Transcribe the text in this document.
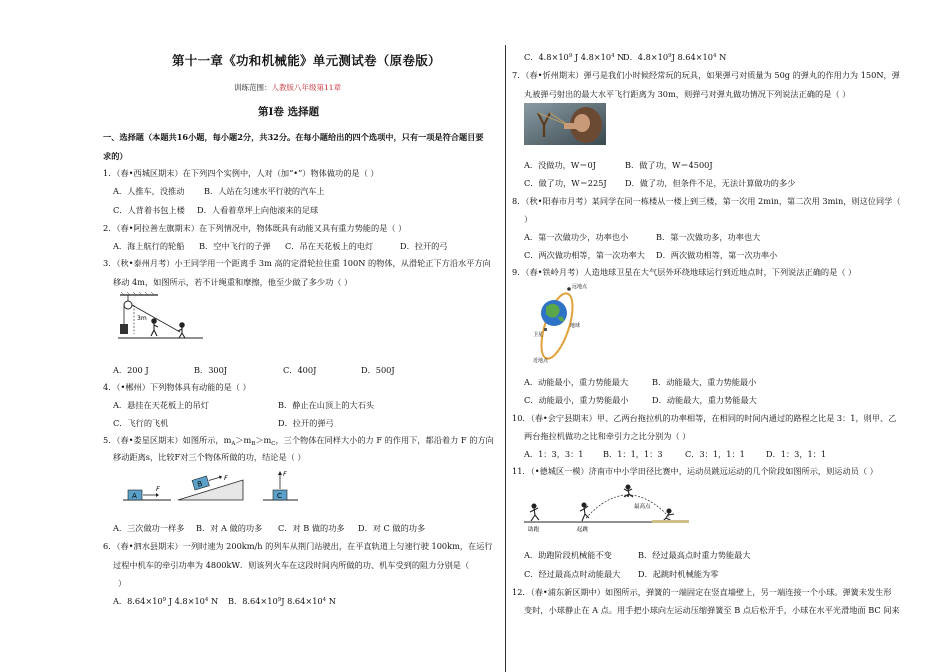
第十一章《功和机械能》单元测试卷（原卷版）
训练范围：人教版八年级第11章
第Ⅰ卷 选择题
一、选择题（本题共16小题，每小题2分，共32分。在每小题给出的四个选项中，只有一项是符合题目要
求的）
1．（春•西城区期末）在下列四个实例中，人对（加“•”）物体做功的是（ ）
A．人推车，没推动 B．人站在匀速水平行驶的汽车上
C．人背着书包上楼 D．人看着草坪上向他滚来的足球
2．（春•阿拉善左旗期末）在下列情况中，物体既具有动能又具有重力势能的是（ ）
A．海上航行的轮船 B．空中飞行的子弹 C．吊在天花板上的电灯	D．拉开的弓
3．（秋•泰州月考）小王同学用一个距离手 3m 高的定滑轮拉住重 100N 的物体，从滑轮正下方沿水平方向
移动 4m，如图所示，若不计绳重和摩擦，他至少做了多少功（ ）
3m
A．200 J	B．300J	C．400J	D．500J
4．（•郴州）下列物体具有动能的是（ ）
A．悬挂在天花板上的吊灯	B．静止在山顶上的大石头
C．飞行的飞机	D．拉开的弹弓
5．（春•娄星区期末）如图所示，$m_A>m_B>m_C$，三个物体在同样大小的力 F 的作用下，都沿着力 F 的方向
移动距离s，比较F对三个物体所做的功，结论是（ ）
A
F
B
F
C
F
A．三次做功一样多 B．对 A 做的功多 C．对 B 做的功多 D．对 C 做的功多
6．（春•泗水县期末）一列时速为 200km/h 的列车从荆门站驶出，在平直轨道上匀速行驶 100km，在运行
过程中机车的牵引功率为 4800kW．则该列火车在这段时间内所做的功、机车受到的阻力分别是（
）
A．$8.64\times 10^9$ J $4.8\times 10^4$ N B．$8.64\times 10^9J$ $8.64\times 10^4$ N
C．$4.8\times 10^9$ J $4.8\times 10^4$ N
D．$4.8\times 10^9J$ $8.64\times 10^4$ N
7．（春•忻州期末）弹弓是我们小时候经常玩的玩具，如果弹弓对质量为 50g 的弹丸的作用力为 150N，弹
丸被弹弓射出的最大水平飞行距离为 30m，则弹弓对弹丸做功情况下列说法正确的是（ ）
A．没做功，W＝0J	B．做了功，W＝4500J
C．做了功，W＝225J D．做了功，但条件不足，无法计算做功的多少
8．（秋•阳春市月考）某同学在同一栋楼从一楼上到三楼，第一次用 2min，第二次用 3min，则这位同学（
）
A．第一次做功少，功率也小	B．第一次做功多，功率也大
C．两次做功相等，第一次功率大 D．两次做功相等，第一次功率小
9．（春•铁岭月考）人造地球卫星在大气层外环绕地球运行到近地点时，下列说法正确的是（ ）
远地点
地球
卫星
近地点
A．动能最小，重力势能最大	B．动能最大，重力势能最小
C．动能最小，重力势能最小	D．动能最大，重力势能最大
10．（春•会宁县期末）甲、乙两台拖拉机的功率相等，在相同的时间内通过的路程之比是 3：1，则甲、乙
两台拖拉机做功之比和牵引力之比分别为（ ）
A．1：3，3：1 B．1：1，1：3	C．3：1，1：1	D．1：3，1：1
11．（•德城区一模）济南市中小学田径比赛中，运动员跳远运动的几个阶段如图所示，则运动员（ ）
助跑	起跳
最高点
A．助跑阶段机械能不变	B．经过最高点时重力势能最大
C．经过最高点时动能最大 D．起跳时机械能为零
12．（春•浦东新区期中）如图所示，弹簧的一端固定在竖直墙壁上，另一端连接一个小球。弹簧未发生形
变时，小球静止在 A 点。用手把小球向左运动压缩弹簧至 B 点后松开手，小球在水平光滑地面 BC 间来
